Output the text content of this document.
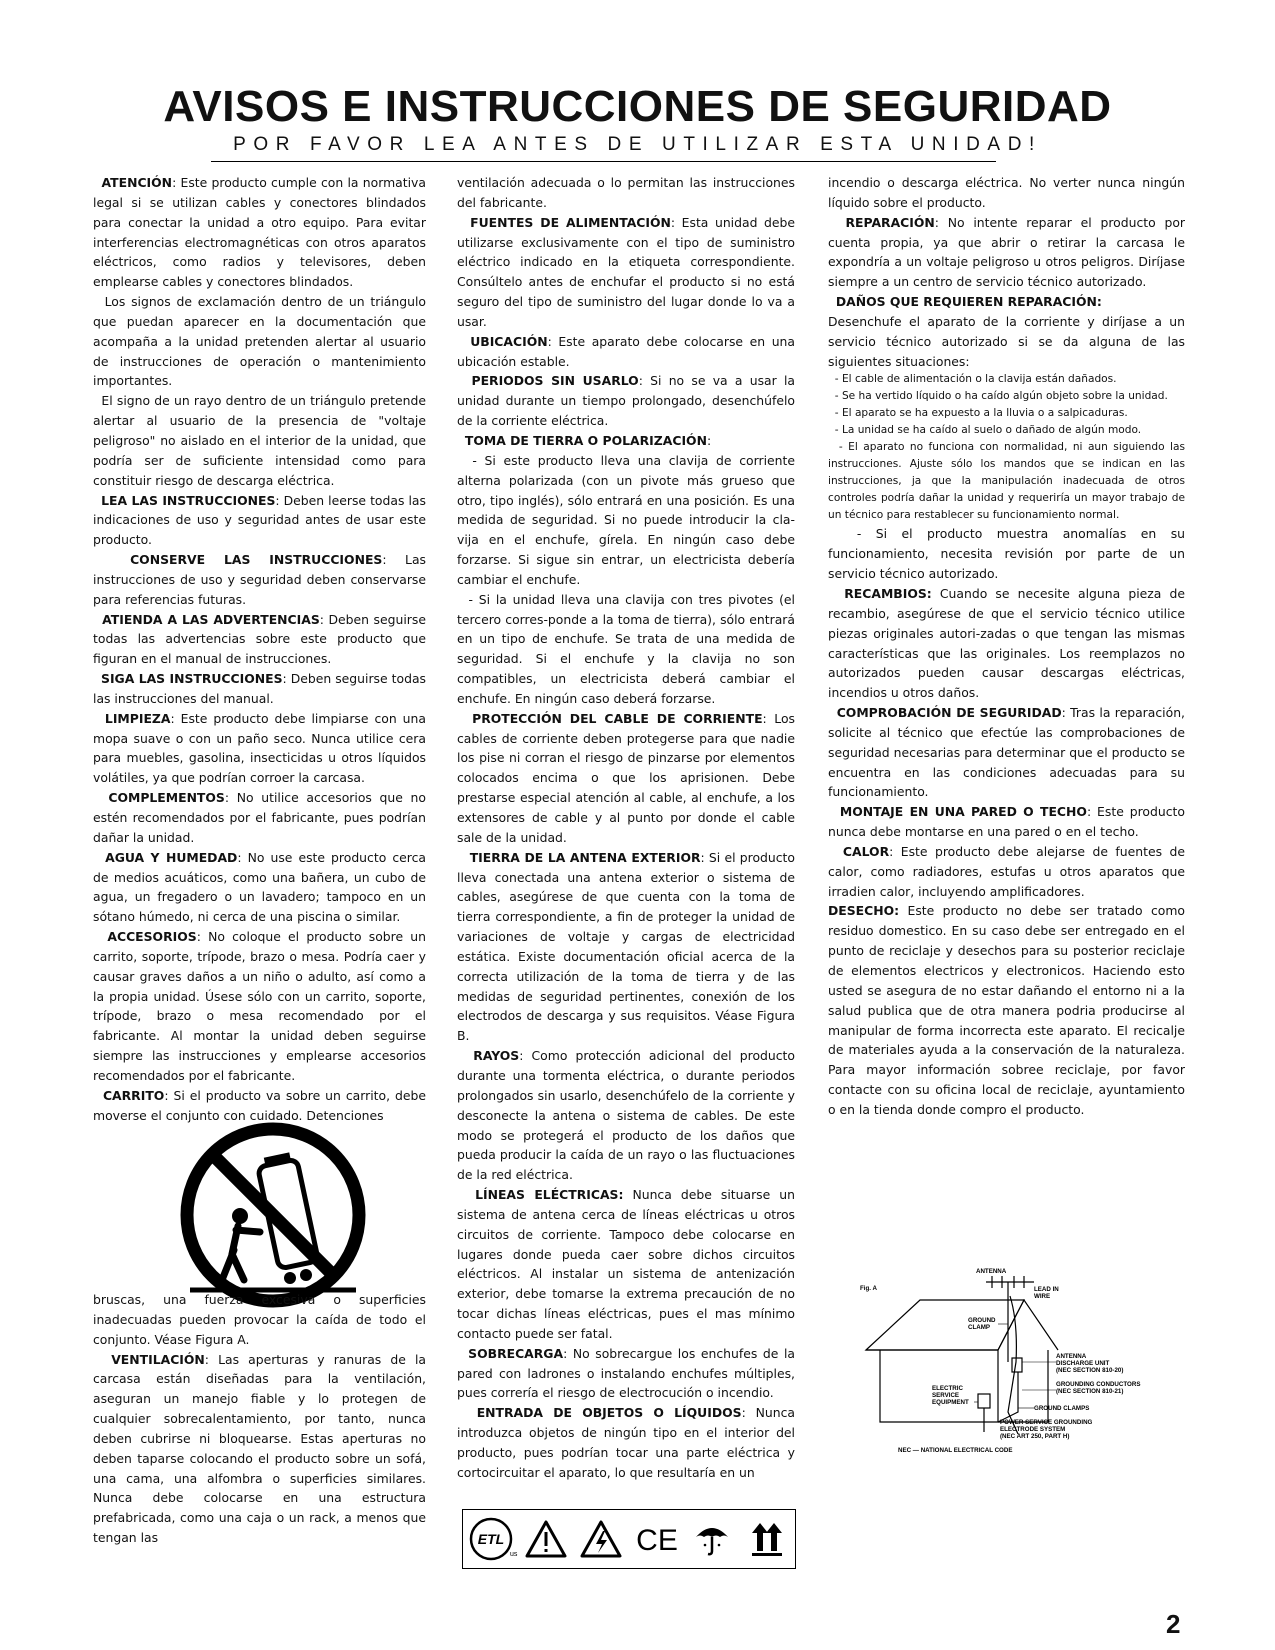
AVISOS E INSTRUCCIONES DE SEGURIDAD
POR FAVOR LEA ANTES DE UTILIZAR ESTA UNIDAD!

ATENCIÓN: Este producto cumple con la normativa legal si se utilizan cables y conectores blindados para conectar la unidad a otro equipo. Para evitar interferencias electromagnéticas con otros aparatos eléctricos, como radios y televisores, deben emplearse cables y conectores blindados.

Los signos de exclamación dentro de un triángulo que puedan aparecer en la documentación que acompaña a la unidad pretenden alertar al usuario de instrucciones de operación o mantenimiento importantes.

El signo de un rayo dentro de un triángulo pretende alertar al usuario de la presencia de "voltaje peligroso" no aislado en el interior de la unidad, que podría ser de suficiente intensidad como para constituir riesgo de descarga eléctrica.

LEA LAS INSTRUCCIONES: Deben leerse todas las indicaciones de uso y seguridad antes de usar este producto.

CONSERVE LAS INSTRUCCIONES: Las instrucciones de uso y seguridad deben conservarse para referencias futuras.

ATIENDA A LAS ADVERTENCIAS: Deben seguirse todas las advertencias sobre este producto que figuran en el manual de instrucciones.

SIGA LAS INSTRUCCIONES: Deben seguirse todas las instrucciones del manual.

LIMPIEZA: Este producto debe limpiarse con una mopa suave o con un paño seco. Nunca utilice cera para muebles, gasolina, insecticidas u otros líquidos volátiles, ya que podrían corroer la carcasa.

COMPLEMENTOS: No utilice accesorios que no estén recomendados por el fabricante, pues podrían dañar la unidad.

AGUA Y HUMEDAD: No use este producto cerca de medios acuáticos, como una bañera, un cubo de agua, un fregadero o un lavadero; tampoco en un sótano húmedo, ni cerca de una piscina o similar.

ACCESORIOS: No coloque el producto sobre un carrito, soporte, trípode, brazo o mesa. Podría caer y causar graves daños a un niño o adulto, así como a la propia unidad. Úsese sólo con un carrito, soporte, trípode, brazo o mesa recomendado por el fabricante. Al montar la unidad deben seguirse siempre las instrucciones y emplearse accesorios recomendados por el fabricante.

CARRITO: Si el producto va sobre un carrito, debe moverse el conjunto con cuidado. Detenciones

bruscas, una fuerza excesiva o superficies inadecuadas pueden provocar la caída de todo el conjunto. Véase Figura A.

VENTILACIÓN: Las aperturas y ranuras de la carcasa están diseñadas para la ventilación, aseguran un manejo fiable y lo protegen de cualquier sobrecalentamiento, por tanto, nunca deben cubrirse ni bloquearse. Estas aperturas no deben taparse colocando el producto sobre un sofá, una cama, una alfombra o superficies similares. Nunca debe colocarse en una estructura prefabricada, como una caja o un rack, a menos que tengan las

ventilación adecuada o lo permitan las instrucciones del fabricante.

FUENTES DE ALIMENTACIÓN: Esta unidad debe utilizarse exclusivamente con el tipo de suministro eléctrico indicado en la etiqueta correspondiente. Consúltelo antes de enchufar el producto si no está seguro del tipo de suministro del lugar donde lo va a usar.

UBICACIÓN: Este aparato debe colocarse en una ubicación estable.

PERIODOS SIN USARLO: Si no se va a usar la unidad durante un tiempo prolongado, desenchúfelo de la corriente eléctrica.

TOMA DE TIERRA O POLARIZACIÓN:

- Si este producto lleva una clavija de corriente alterna polarizada (con un pivote más grueso que otro, tipo inglés), sólo entrará en una posición. Es una medida de seguridad. Si no puede introducir la cla-vija en el enchufe, gírela. En ningún caso debe forzarse. Si sigue sin entrar, un electricista debería cambiar el enchufe.

- Si la unidad lleva una clavija con tres pivotes (el tercero corres-ponde a la toma de tierra), sólo entrará en un tipo de enchufe. Se trata de una medida de seguridad. Si el enchufe y la clavija no son compatibles, un electricista deberá cambiar el enchufe. En ningún caso deberá forzarse.

PROTECCIÓN DEL CABLE DE CORRIENTE: Los cables de corriente deben protegerse para que nadie los pise ni corran el riesgo de pinzarse por elementos colocados encima o que los aprisionen. Debe prestarse especial atención al cable, al enchufe, a los extensores de cable y al punto por donde el cable sale de la unidad.

TIERRA DE LA ANTENA EXTERIOR: Si el producto lleva conectada una antena exterior o sistema de cables, asegúrese de que cuenta con la toma de tierra correspondiente, a fin de proteger la unidad de variaciones de voltaje y cargas de electricidad estática. Existe documentación oficial acerca de la correcta utilización de la toma de tierra y de las medidas de seguridad pertinentes, conexión de los electrodos de descarga y sus requisitos. Véase Figura B.

RAYOS: Como protección adicional del producto durante una tormenta eléctrica, o durante periodos prolongados sin usarlo, desenchúfelo de la corriente y desconecte la antena o sistema de cables. De este modo se protegerá el producto de los daños que pueda producir la caída de un rayo o las fluctuaciones de la red eléctrica.

LÍNEAS ELÉCTRICAS: Nunca debe situarse un sistema de antena cerca de líneas eléctricas u otros circuitos de corriente. Tampoco debe colocarse en lugares donde pueda caer sobre dichos circuitos eléctricos. Al instalar un sistema de antenización exterior, debe tomarse la extrema precaución de no tocar dichas líneas eléctricas, pues el mas mínimo contacto puede ser fatal.

SOBRECARGA: No sobrecargue los enchufes de la pared con ladrones o instalando enchufes múltiples, pues correría el riesgo de electrocución o incendio.

ENTRADA DE OBJETOS O LÍQUIDOS: Nunca introduzca objetos de ningún tipo en el interior del producto, pues podrían tocar una parte eléctrica y cortocircuitar el aparato, lo que resultaría en un

ETL
us	CE

incendio o descarga eléctrica. No verter nunca ningún líquido sobre el producto.

REPARACIÓN: No intente reparar el producto por cuenta propia, ya que abrir o retirar la carcasa le expondría a un voltaje peligroso u otros peligros. Diríjase siempre a un centro de servicio técnico autorizado.

DAÑOS QUE REQUIEREN REPARACIÓN:
Desenchufe el aparato de la corriente y diríjase a un servicio técnico autorizado si se da alguna de las siguientes situaciones:

- El cable de alimentación o la clavija están dañados.

- Se ha vertido líquido o ha caído algún objeto sobre la unidad.

- El aparato se ha expuesto a la lluvia o a salpicaduras.

- La unidad se ha caído al suelo o dañado de algún modo.

- El aparato no funciona con normalidad, ni aun siguiendo las instrucciones. Ajuste sólo los mandos que se indican en las instrucciones, ja que la manipulación inadecuada de otros controles podría dañar la unidad y requeriría un mayor trabajo de un técnico para restablecer su funcionamiento normal.

- Si el producto muestra anomalías en su funcionamiento, necesita revisión por parte de un servicio técnico autorizado.

RECAMBIOS: Cuando se necesite alguna pieza de recambio, asegúrese de que el servicio técnico utilice piezas originales autori-zadas o que tengan las mismas características que las originales. Los reemplazos no autorizados pueden causar descargas eléctricas, incendios u otros daños.

COMPROBACIÓN DE SEGURIDAD: Tras la reparación, solicite al técnico que efectúe las comprobaciones de seguridad necesarias para determinar que el producto se encuentra en las condiciones adecuadas para su funcionamiento.

MONTAJE EN UNA PARED O TECHO: Este producto nunca debe montarse en una pared o en el techo.

CALOR: Este producto debe alejarse de fuentes de calor, como radiadores, estufas u otros aparatos que irradien calor, incluyendo amplificadores.

DESECHO: Este producto no debe ser tratado como residuo domestico. En su caso debe ser entregado en el punto de reciclaje y desechos para su posterior reciclaje de elementos electricos y electronicos. Haciendo esto usted se asegura de no estar dañando el entorno ni a la salud publica que de otra manera podria producirse al manipular de forma incorrecta este aparato. El recicalje de materiales ayuda a la conservación de la naturaleza. Para mayor información sobree reciclaje, por favor contacte con su oficina local de reciclaje, ayuntamiento o en la tienda donde compro el producto.

Fig. A
ANTENNA
LEAD IN
WIRE
GROUND
CLAMP
ANTENNA
DISCHARGE UNIT
(NEC SECTION 810-20)
GROUNDING CONDUCTORS
(NEC SECTION 810-21)
ELECTRIC
SERVICE
EQUIPMENT
GROUND CLAMPS
POWER SERVICE GROUNDING
ELECTRODE SYSTEM
(NEC ART 250, PART H)
NEC — NATIONAL ELECTRICAL CODE
2
